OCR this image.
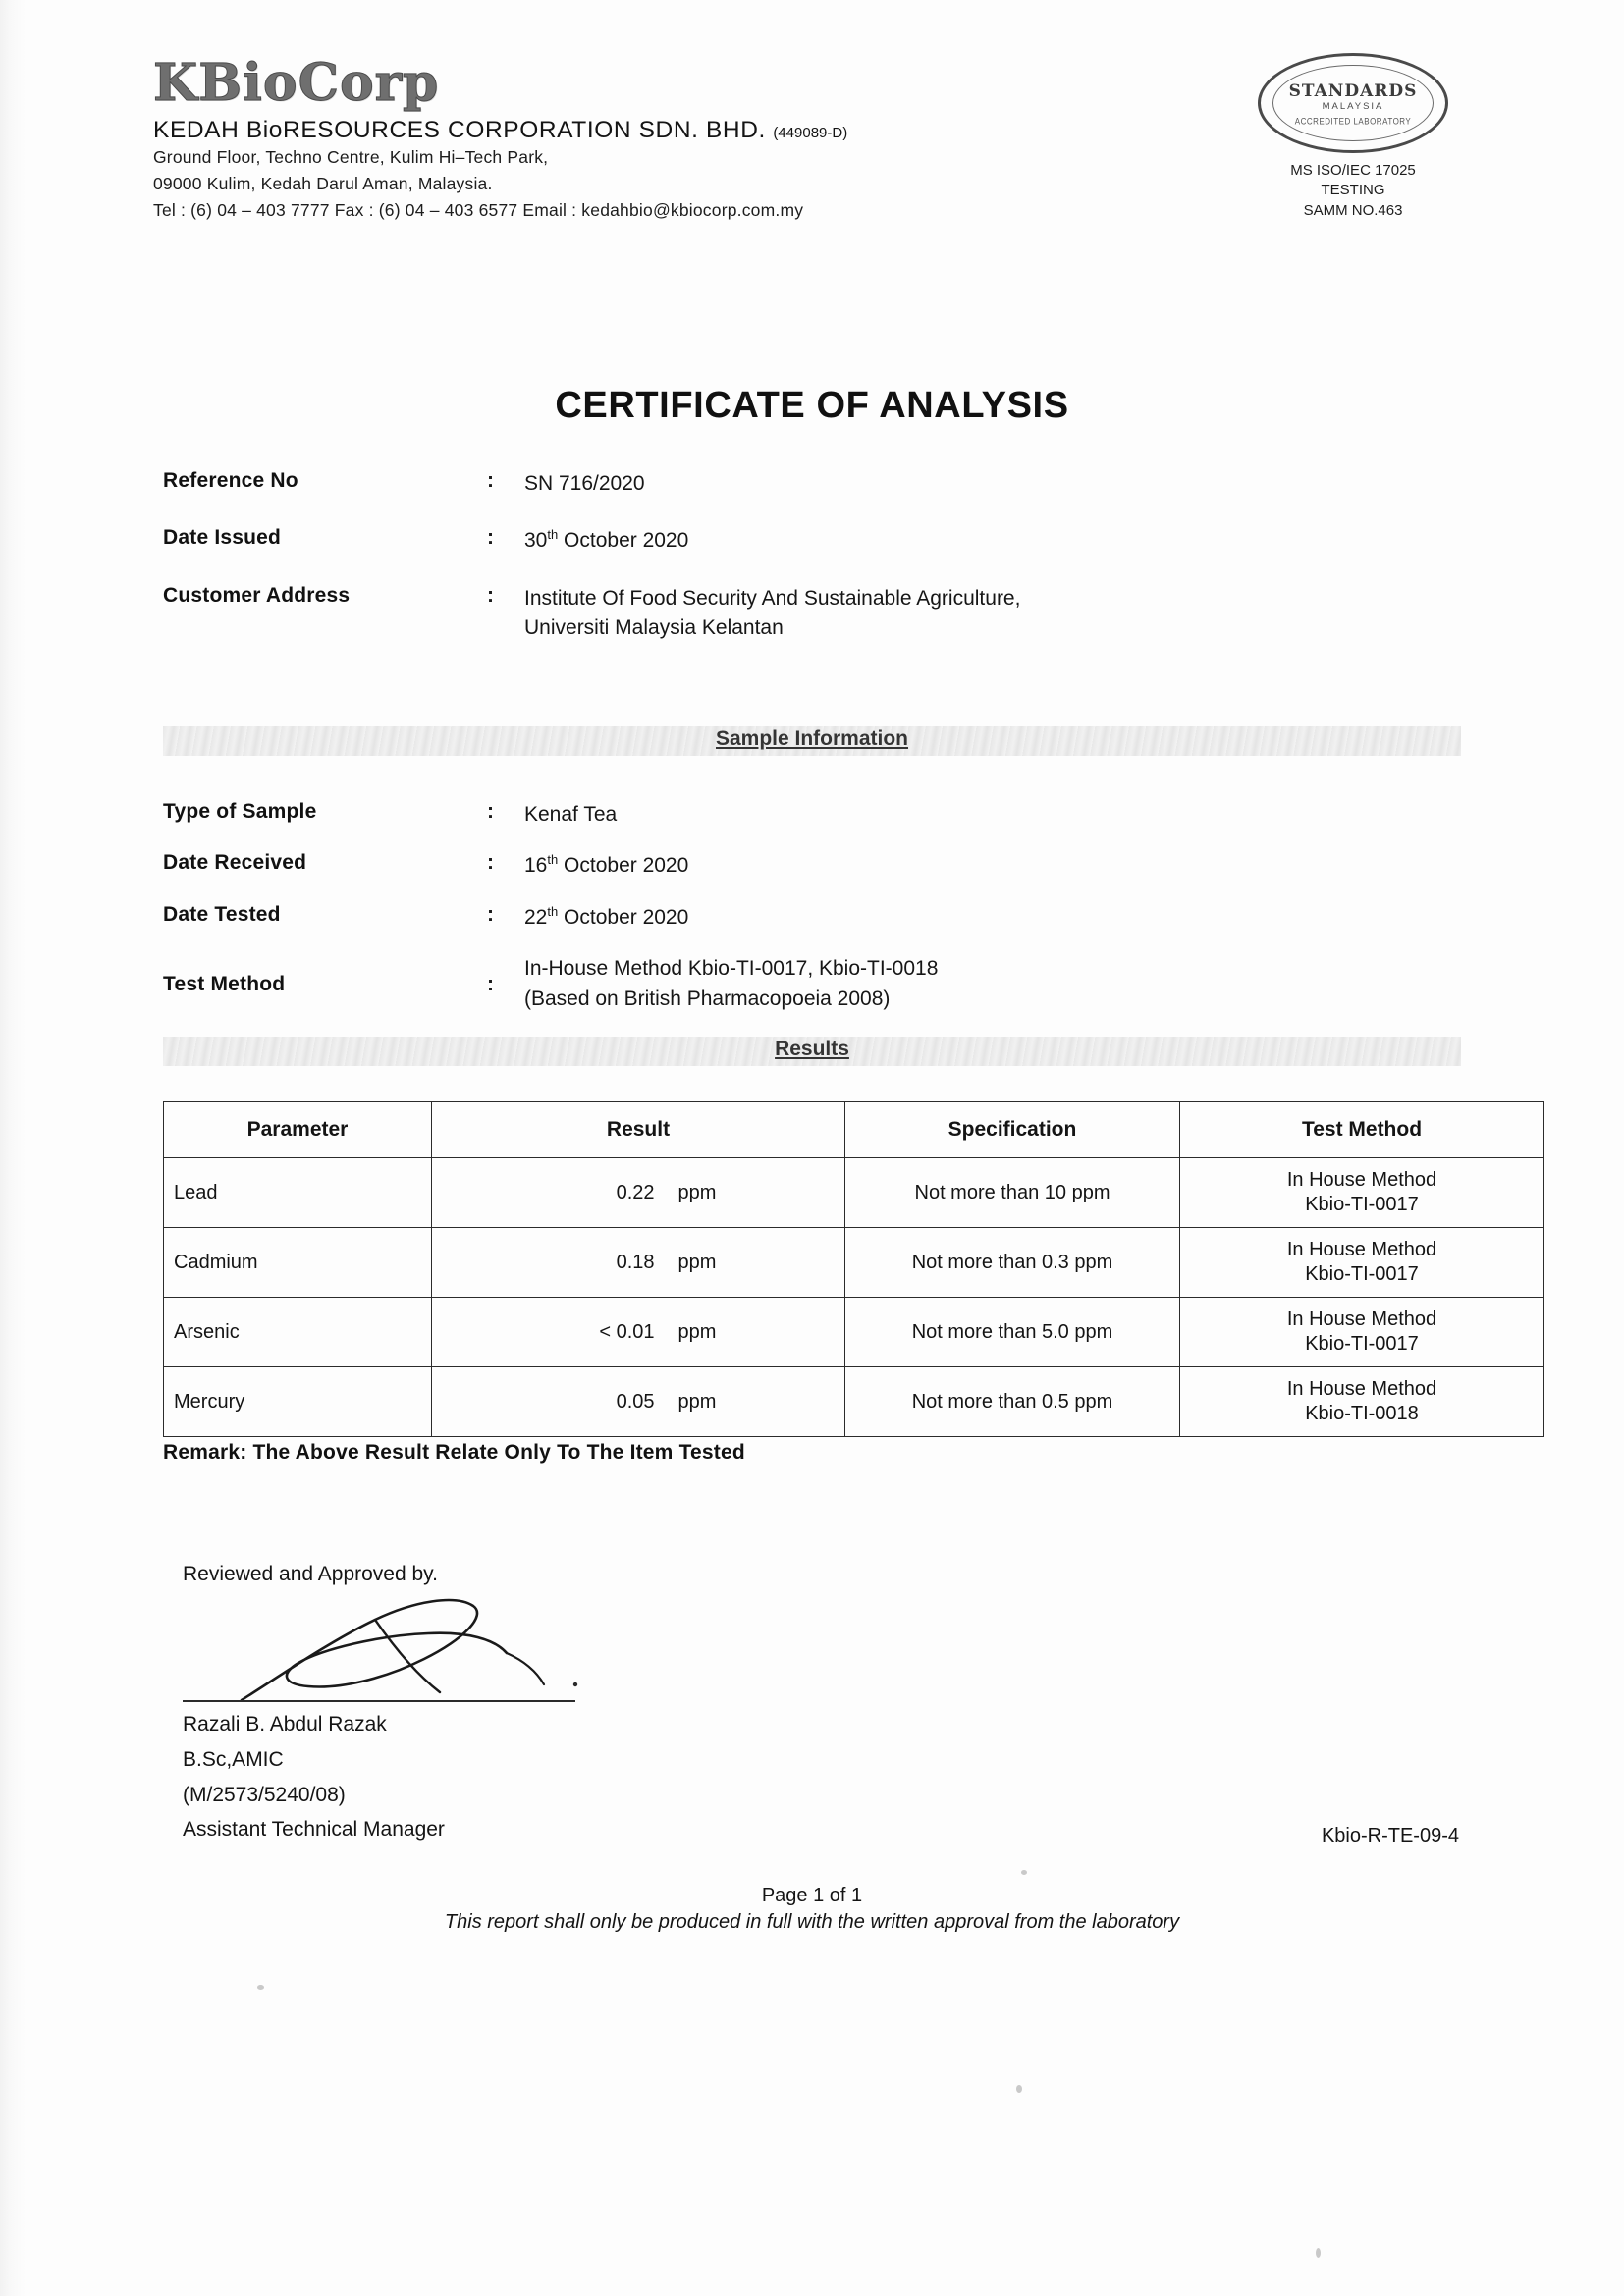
KBioCorp
KEDAH BioRESOURCES CORPORATION SDN. BHD. (449089-D)
Ground Floor, Techno Centre, Kulim Hi–Tech Park,
09000 Kulim, Kedah Darul Aman, Malaysia.
Tel : (6) 04 – 403 7777 Fax : (6) 04 – 403 6577 Email : kedahbio@kbiocorp.com.my
STANDARDS
MALAYSIA
ACCREDITED LABORATORY
MS ISO/IEC 17025
TESTING
SAMM NO.463
CERTIFICATE OF ANALYSIS
Reference No	:	SN 716/2020
Date Issued	:	30th October 2020
Customer Address	:	Institute Of Food Security And Sustainable Agriculture,
Universiti Malaysia Kelantan
Sample Information
Type of Sample	:	Kenaf Tea
Date Received	:	16th October 2020
Date Tested	:	22th October 2020
Test Method	:
In-House Method Kbio-TI-0017, Kbio-TI-0018
(Based on British Pharmacopoeia 2008)
Results
Parameter	Result	Specification	Test Method
Lead	0.22 ppm	Not more than 10 ppm	In House Method
Kbio-TI-0017

Cadmium	0.18 ppm	Not more than 0.3 ppm	In House Method
Kbio-TI-0017

Arsenic	< 0.01 ppm	Not more than 5.0 ppm	In House Method
Kbio-TI-0017

Mercury	0.05 ppm	Not more than 0.5 ppm	In House Method
Kbio-TI-0018
Remark: The Above Result Relate Only To The Item Tested
Reviewed and Approved by.
Razali B. Abdul Razak
B.Sc,AMIC
(M/2573/5240/08)
Assistant Technical Manager	Kbio-R-TE-09-4
Page 1 of 1
This report shall only be produced in full with the written approval from the laboratory
